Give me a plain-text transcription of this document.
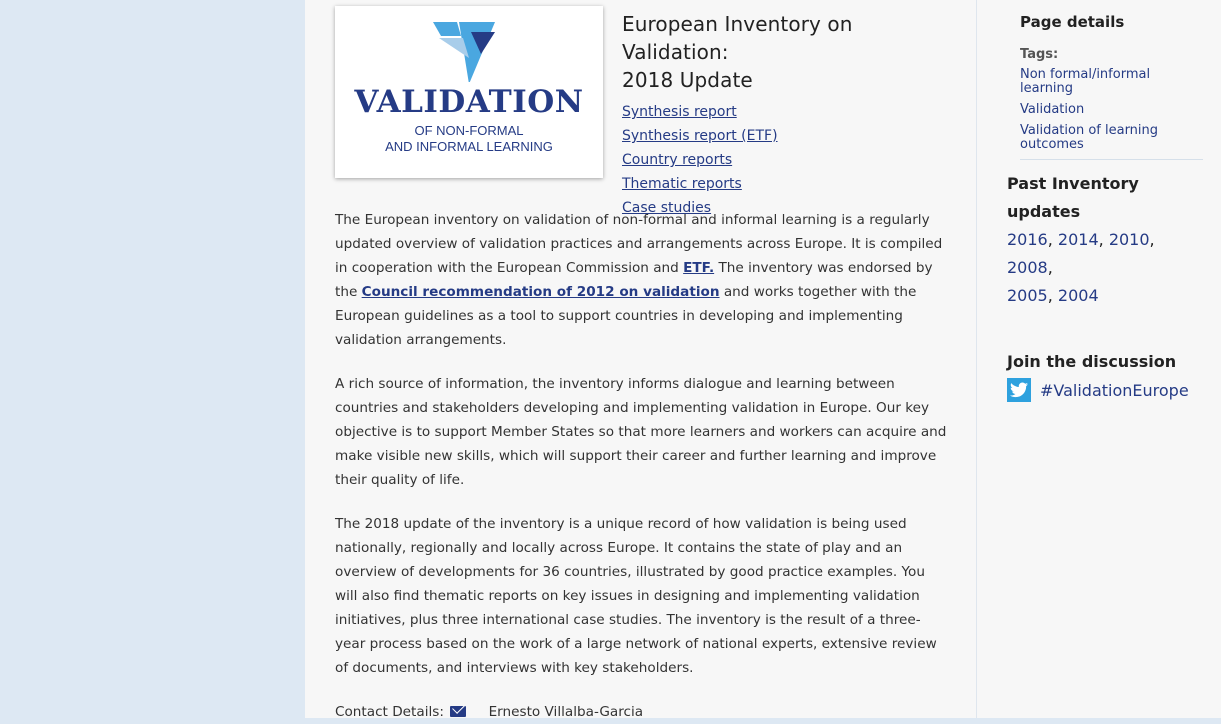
VALIDATION
OF NON-FORMAL
AND INFORMAL LEARNING
European Inventory on Validation:
2018 Update
Synthesis report
Synthesis report (ETF)
Country reports
Thematic reports
Case studies

The European inventory on validation of non-formal and informal learning is a regularly updated overview of validation practices and arrangements across Europe. It is compiled in cooperation with the European Commission and ETF. The inventory was endorsed by the Council recommendation of 2012 on validation and works together with the European guidelines as a tool to support countries in developing and implementing validation arrangements.

A rich source of information, the inventory informs dialogue and learning between countries and stakeholders developing and implementing validation in Europe. Our key objective is to support Member States so that more learners and workers can acquire and make visible new skills, which will support their career and further learning and improve their quality of life.

The 2018 update of the inventory is a unique record of how validation is being used nationally, regionally and locally across Europe. It contains the state of play and an overview of developments for 36 countries, illustrated by good practice examples. You will also find thematic reports on key issues in designing and implementing validation initiatives, plus three international case studies. The inventory is the result of a three-year process based on the work of a large network of national experts, extensive review of documents, and interviews with key stakeholders.

Contact Details:	Ernesto Villalba-Garcia
Page details
Tags:
Non formal/informal learning
Validation
Validation of learning outcomes
Past Inventory
updates
2016, 2014, 2010, 2008,
2005, 2004
Join the discussion
#ValidationEurope
